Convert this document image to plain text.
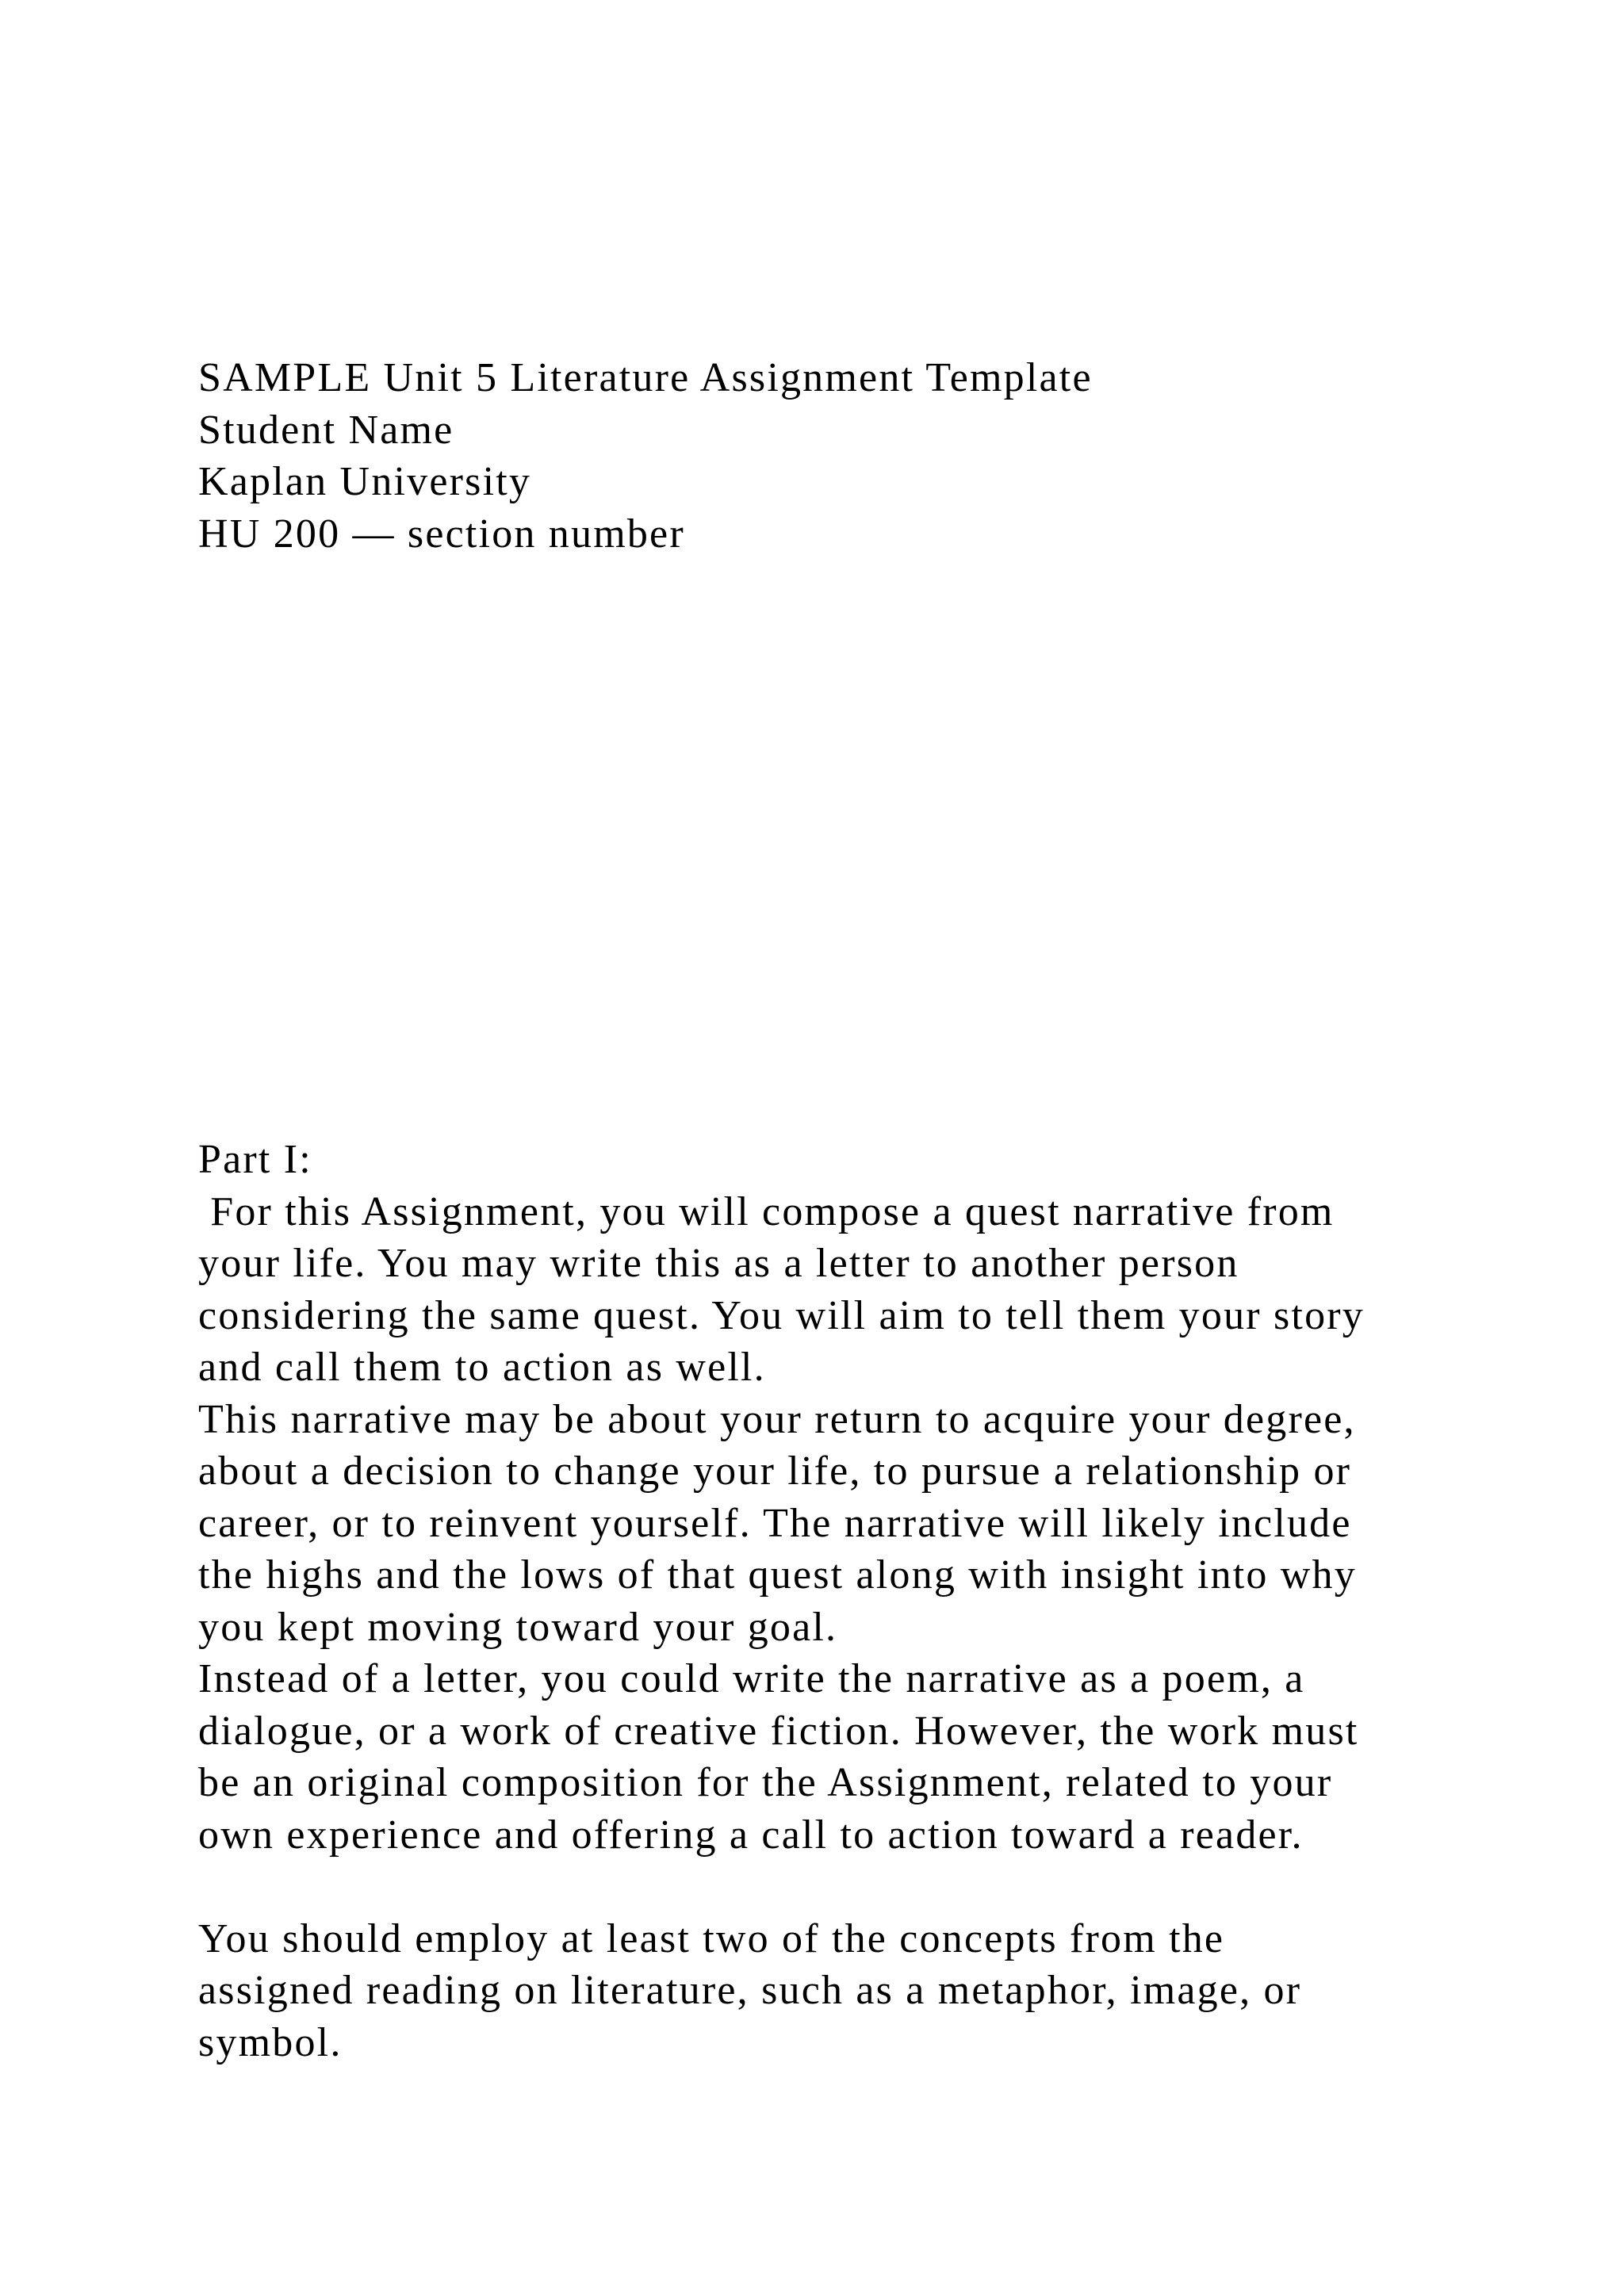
SAMPLE Unit 5 Literature Assignment Template
Student Name
Kaplan University
HU 200 — section number
Part I:
For this Assignment, you will compose a quest narrative from
your life. You may write this as a letter to another person
considering the same quest. You will aim to tell them your story
and call them to action as well.
This narrative may be about your return to acquire your degree,
about a decision to change your life, to pursue a relationship or
career, or to reinvent yourself. The narrative will likely include
the highs and the lows of that quest along with insight into why
you kept moving toward your goal.
Instead of a letter, you could write the narrative as a poem, a
dialogue, or a work of creative fiction. However, the work must
be an original composition for the Assignment, related to your
own experience and offering a call to action toward a reader.
You should employ at least two of the concepts from the
assigned reading on literature, such as a metaphor, image, or
symbol.
